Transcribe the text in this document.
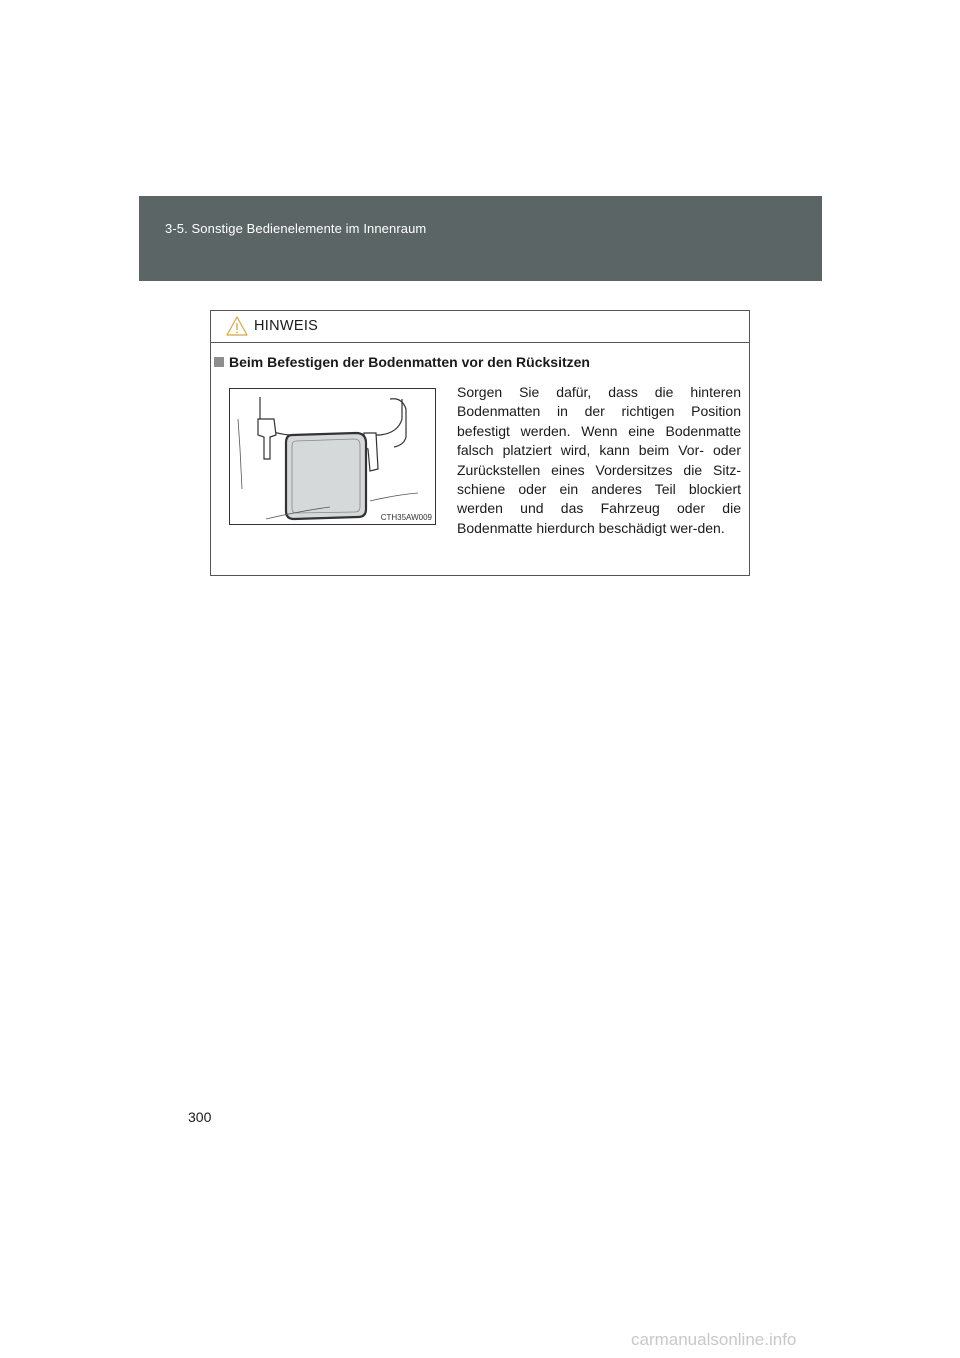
3-5. Sonstige Bedienelemente im Innenraum
HINWEIS
Beim Befestigen der Bodenmatten vor den Rücksitzen
CTH35AW009
Sorgen Sie dafür, dass die hinteren Bodenmatten in der richtigen Position befestigt werden. Wenn eine Bodenmatte falsch platziert wird, kann beim Vor- oder Zurückstellen eines Vordersitzes die Sitz-schiene oder ein anderes Teil blockiert werden und das Fahrzeug oder die Bodenmatte hierdurch beschädigt wer-den.
300
carmanualsonline.info
